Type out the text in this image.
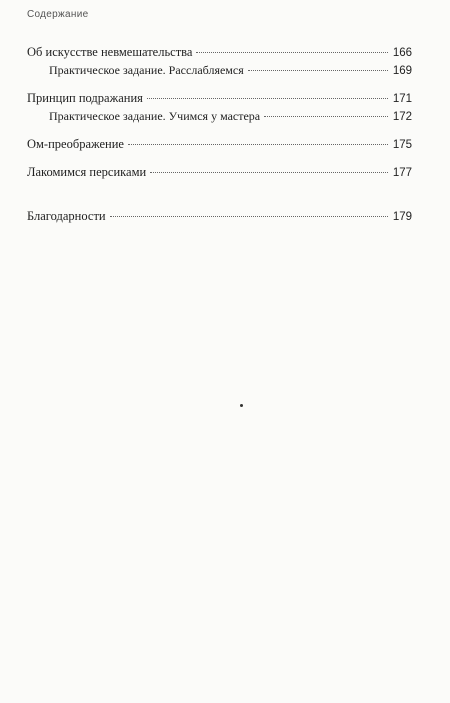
Содержание
Об искусстве невмешательства	166
Практическое задание. Расслабляемся	169
Принцип подражания	171
Практическое задание. Учимся у мастера	172
Ом-преображение	175
Лакомимся персиками	177
Благодарности	179
